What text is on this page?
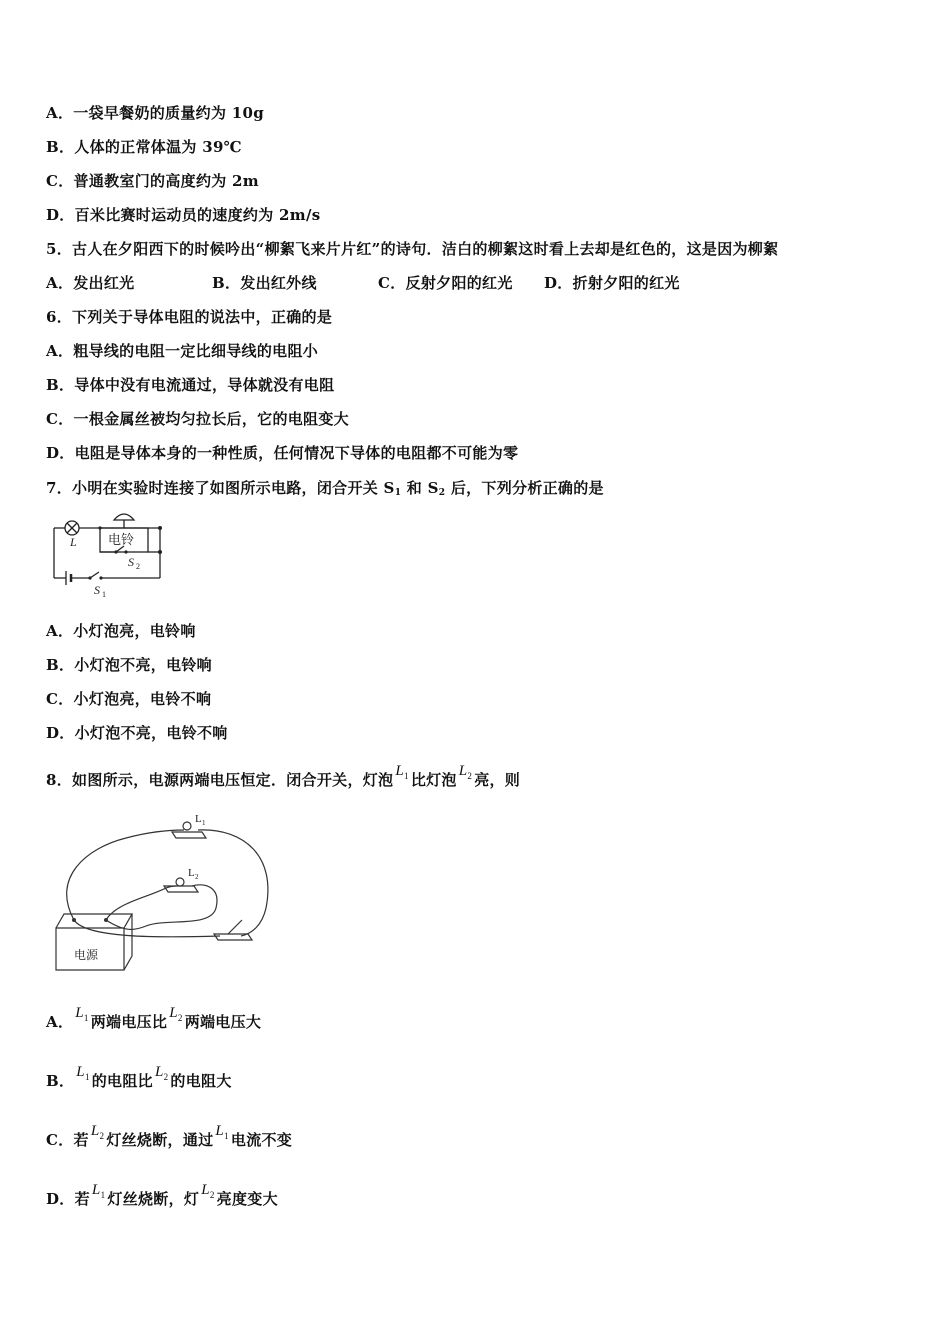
A．一袋早餐奶的质量约为 10g
B．人体的正常体温为 39℃
C．普通教室门的高度约为 2m
D．百米比赛时运动员的速度约为 2m/s
5．古人在夕阳西下的时候吟出“柳絮飞来片片红”的诗句．洁白的柳絮这时看上去却是红色的，这是因为柳絮
A．发出红光	B．发出红外线	C．反射夕阳的红光 D．折射夕阳的红光
6．下列关于导体电阻的说法中，正确的是
A．粗导线的电阻一定比细导线的电阻小
B．导体中没有电流通过，导体就没有电阻
C．一根金属丝被均匀拉长后，它的电阻变大
D．电阻是导体本身的一种性质，任何情况下导体的电阻都不可能为零
7．小明在实验时连接了如图所示电路，闭合开关 $S_1$ 和 $S_2$ 后，下列分析正确的是
L 电铃
S 2
S 1
A．小灯泡亮，电铃响
B．小灯泡不亮，电铃响
C．小灯泡亮，电铃不响
D．小灯泡不亮，电铃不响
8．如图所示，电源两端电压恒定．闭合开关，灯泡 $L_1$ 比灯泡 $L_2$ 亮，则
L 1
L 2
电源
A． $L_1$ 两端电压比 $L_2$ 两端电压大
B． $L_1$ 的电阻比 $L_2$ 的电阻大
C．若 $L_2$ 灯丝烧断，通过 $L_1$ 电流不变
D．若 $L_1$ 灯丝烧断，灯 $L_2$ 亮度变大
